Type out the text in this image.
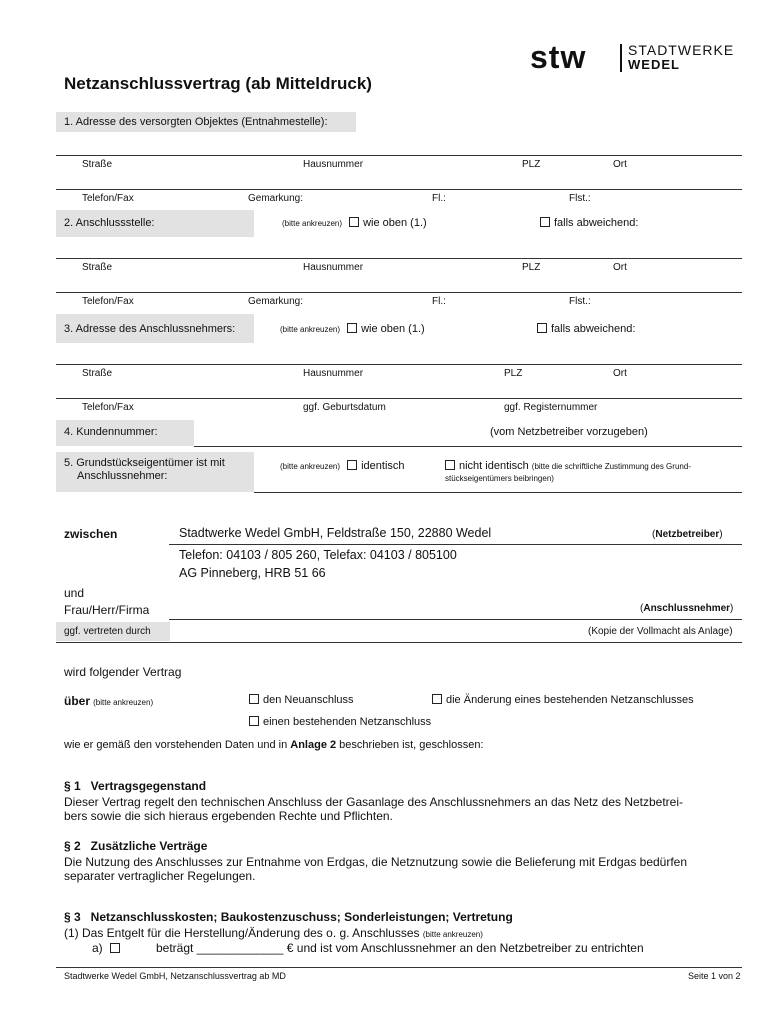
stw	STADTWERKE
WEDEL
Netzanschlussvertrag (ab Mitteldruck)
1. Adresse des versorgten Objektes (Entnahmestelle):
Straße	Hausnummer	PLZ	Ort
Telefon/Fax	Gemarkung:	Fl.:	Flst.:
2. Anschlussstelle:	(bitte ankreuzen) wie oben (1.)	falls abweichend:
Straße	Hausnummer	PLZ	Ort
Telefon/Fax	Gemarkung:	Fl.:	Flst.:
3. Adresse des Anschlussnehmers:	(bitte ankreuzen) wie oben (1.)	falls abweichend:
Straße	Hausnummer	PLZ	Ort
Telefon/Fax	ggf. Geburtsdatum	ggf. Registernummer
4. Kundennummer:	(vom Netzbetreiber vorzugeben)
5. Grundstückseigentümer ist mit
Anschlussnehmer:
(bitte ankreuzen) identisch	nicht identisch (bitte die schriftliche Zustimmung des Grund-
stückseigentümers beibringen)
zwischen	Stadtwerke Wedel GmbH, Feldstraße 150, 22880 Wedel	(Netzbetreiber)
Telefon: 04103 / 805 260, Telefax: 04103 / 805100
AG Pinneberg, HRB 51 66
und
Frau/Herr/Firma	(Anschlussnehmer)
ggf. vertreten durch	(Kopie der Vollmacht als Anlage)
wird folgender Vertrag
über (bitte ankreuzen)	den Neuanschluss	die Änderung eines bestehenden Netzanschlusses
einen bestehenden Netzanschluss
wie er gemäß den vorstehenden Daten und in Anlage 2 beschrieben ist, geschlossen:
§ 1   Vertragsgegenstand
Dieser Vertrag regelt den technischen Anschluss der Gasanlage des Anschlussnehmers an das Netz des Netzbetrei-
bers sowie die sich hieraus ergebenden Rechte und Pflichten.
§ 2   Zusätzliche Verträge
Die Nutzung des Anschlusses zur Entnahme von Erdgas, die Netznutzung sowie die Belieferung mit Erdgas bedürfen
separater vertraglicher Regelungen.
§ 3   Netzanschlusskosten; Baukostenzuschuss; Sonderleistungen; Vertretung
(1) Das Entgelt für die Herstellung/Änderung des o. g. Anschlusses (bitte ankreuzen)
a)	beträgt _____________ € und ist vom Anschlussnehmer an den Netzbetreiber zu entrichten
Stadtwerke Wedel GmbH, Netzanschlussvertrag ab MD	Seite 1 von 2
